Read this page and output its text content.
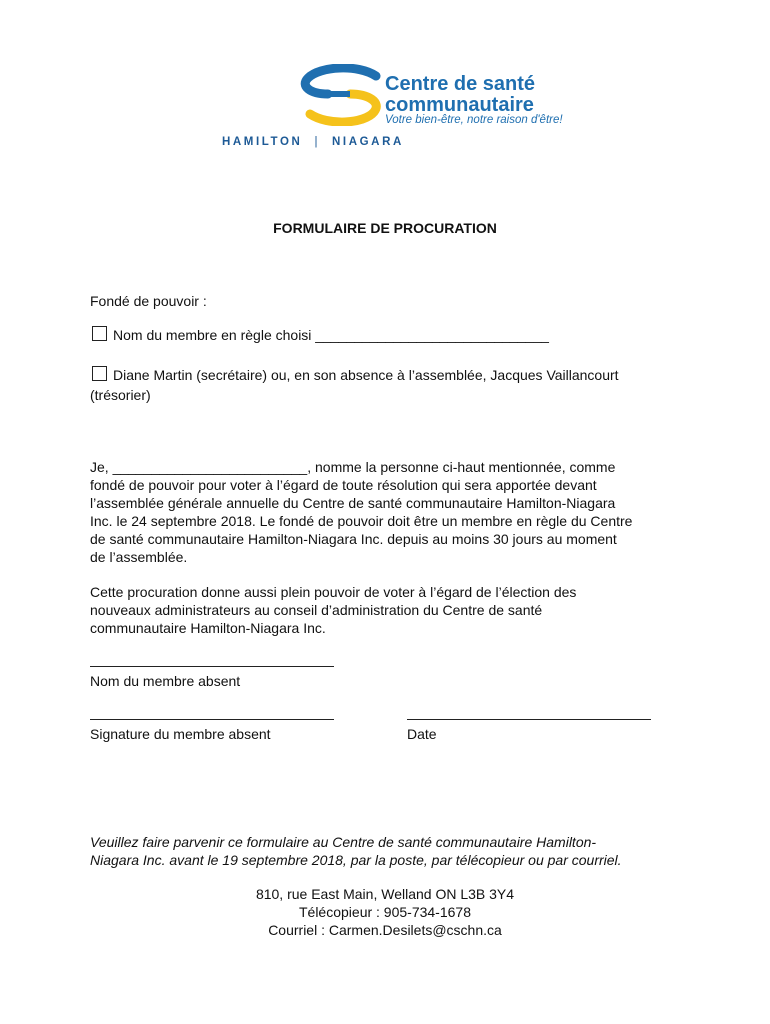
Centre de santé
communautaire
Votre bien-être, notre raison d'être!
HAMILTON | NIAGARA
FORMULAIRE DE PROCURATION
Fondé de pouvoir :
Nom du membre en règle choisi ______________________________
Diane Martin (secrétaire) ou, en son absence à l’assemblée, Jacques Vaillancourt
(trésorier)
Je, _________________________, nomme la personne ci-haut mentionnée, comme
fondé de pouvoir pour voter à l’égard de toute résolution qui sera apportée devant
l’assemblée générale annuelle du Centre de santé communautaire Hamilton-Niagara
Inc. le 24 septembre 2018. Le fondé de pouvoir doit être un membre en règle du Centre
de santé communautaire Hamilton-Niagara Inc. depuis au moins 30 jours au moment
de l’assemblée.
Cette procuration donne aussi plein pouvoir de voter à l’égard de l’élection des
nouveaux administrateurs au conseil d’administration du Centre de santé
communautaire Hamilton-Niagara Inc.
Nom du membre absent
Signature du membre absent	Date
Veuillez faire parvenir ce formulaire au Centre de santé communautaire Hamilton-
Niagara Inc. avant le 19 septembre 2018, par la poste, par télécopieur ou par courriel.
810, rue East Main, Welland ON L3B 3Y4
Télécopieur : 905-734-1678
Courriel : Carmen.Desilets@cschn.ca
